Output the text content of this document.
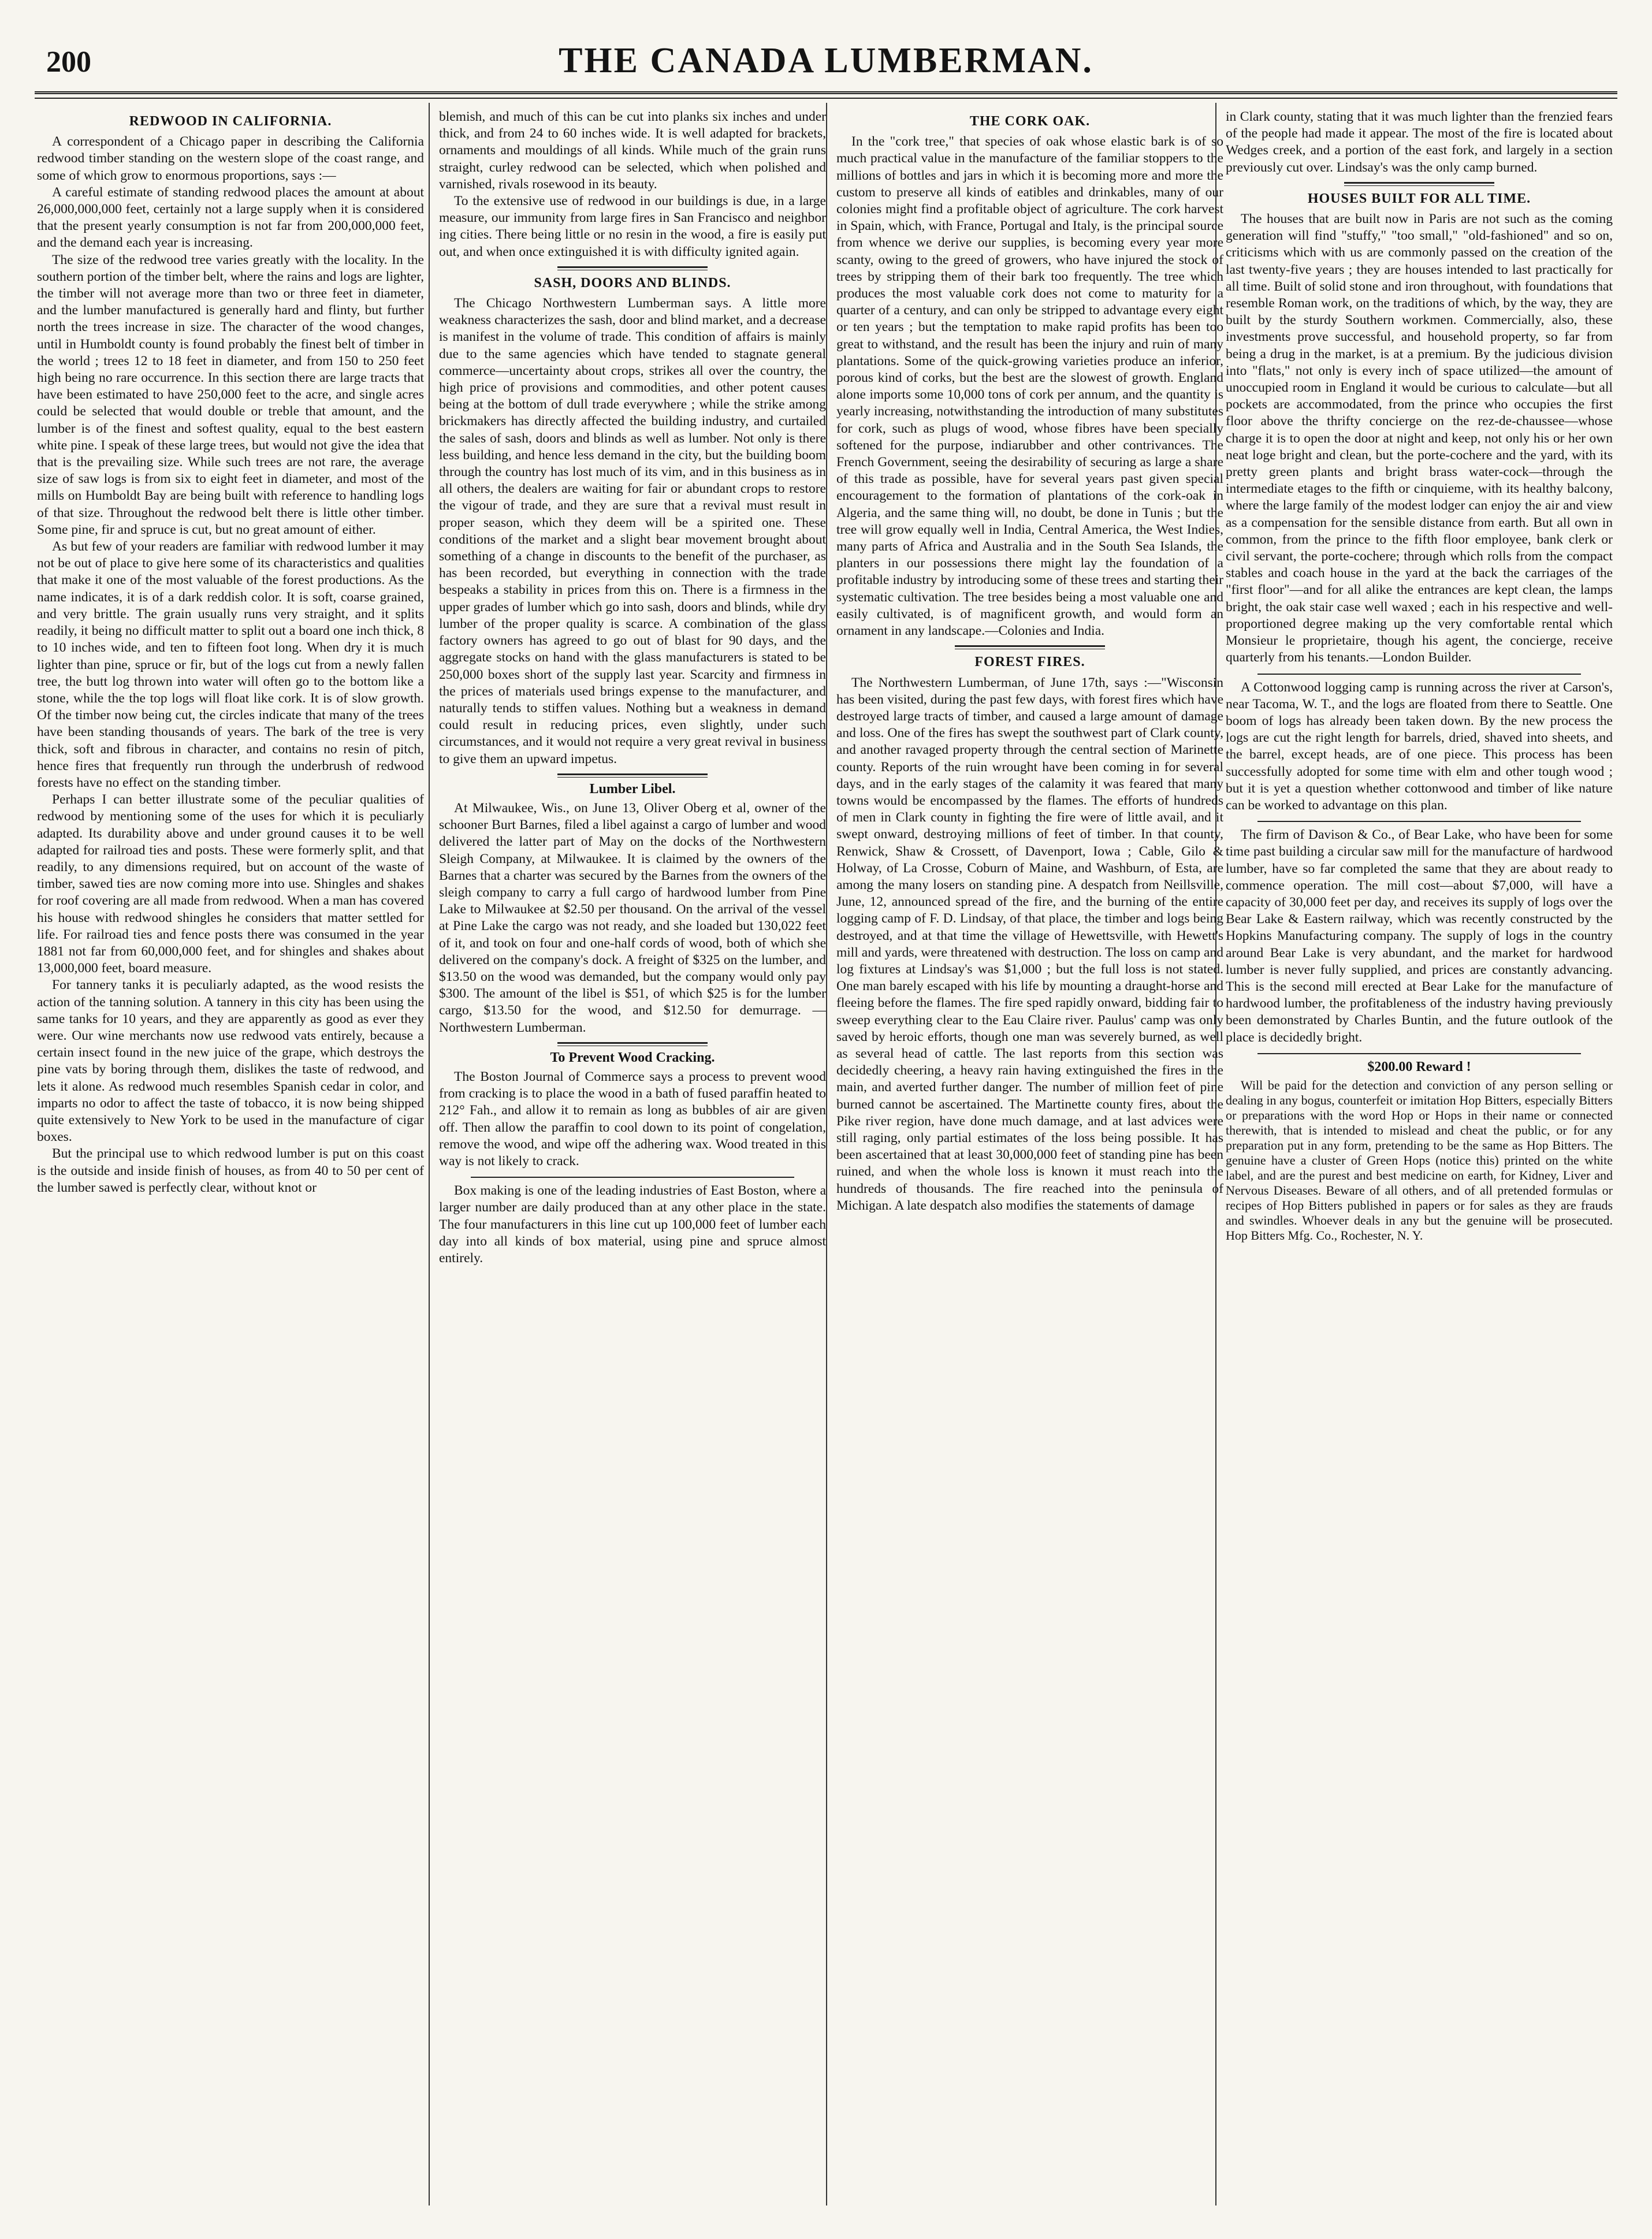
200	THE CANADA LUMBERMAN.
REDWOOD IN CALIFORNIA.

A correspondent of a Chicago paper in describing the California redwood timber standing on the western slope of the coast range, and some of which grow to enormous proportions, says :—

A careful estimate of standing redwood places the amount at about 26,000,000,000 feet, certainly not a large supply when it is considered that the present yearly consumption is not far from 200,000,000 feet, and the demand each year is increasing.

The size of the redwood tree varies greatly with the locality. In the southern portion of the timber belt, where the rains and logs are lighter, the timber will not average more than two or three feet in diameter, and the lumber manufactured is generally hard and flinty, but further north the trees increase in size. The character of the wood changes, until in Humboldt county is found probably the finest belt of timber in the world ; trees 12 to 18 feet in diameter, and from 150 to 250 feet high being no rare occurrence. In this section there are large tracts that have been estimated to have 250,000 feet to the acre, and single acres could be selected that would double or treble that amount, and the lumber is of the finest and softest quality, equal to the best eastern white pine. I speak of these large trees, but would not give the idea that that is the prevailing size. While such trees are not rare, the average size of saw logs is from six to eight feet in diameter, and most of the mills on Humboldt Bay are being built with reference to handling logs of that size. Throughout the redwood belt there is little other timber. Some pine, fir and spruce is cut, but no great amount of either.

As but few of your readers are familiar with redwood lumber it may not be out of place to give here some of its characteristics and qualities that make it one of the most valuable of the forest productions. As the name indicates, it is of a dark reddish color. It is soft, coarse grained, and very brittle. The grain usually runs very straight, and it splits readily, it being no difficult matter to split out a board one inch thick, 8 to 10 inches wide, and ten to fifteen foot long. When dry it is much lighter than pine, spruce or fir, but of the logs cut from a newly fallen tree, the butt log thrown into water will often go to the bottom like a stone, while the the top logs will float like cork. It is of slow growth. Of the timber now being cut, the circles indicate that many of the trees have been standing thousands of years. The bark of the tree is very thick, soft and fibrous in character, and contains no resin of pitch, hence fires that frequently run through the underbrush of redwood forests have no effect on the standing timber.

Perhaps I can better illustrate some of the peculiar qualities of redwood by mentioning some of the uses for which it is peculiarly adapted. Its durability above and under ground causes it to be well adapted for railroad ties and posts. These were formerly split, and that readily, to any dimensions required, but on account of the waste of timber, sawed ties are now coming more into use. Shingles and shakes for roof covering are all made from redwood. When a man has covered his house with redwood shingles he considers that matter settled for life. For railroad ties and fence posts there was consumed in the year 1881 not far from 60,000,000 feet, and for shingles and shakes about 13,000,000 feet, board measure.

For tannery tanks it is peculiarly adapted, as the wood resists the action of the tanning solution. A tannery in this city has been using the same tanks for 10 years, and they are apparently as good as ever they were. Our wine merchants now use redwood vats entirely, because a certain insect found in the new juice of the grape, which destroys the pine vats by boring through them, dislikes the taste of redwood, and lets it alone. As redwood much resembles Spanish cedar in color, and imparts no odor to affect the taste of tobacco, it is now being shipped quite extensively to New York to be used in the manufacture of cigar boxes.

But the principal use to which redwood lumber is put on this coast is the outside and inside finish of houses, as from 40 to 50 per cent of the lumber sawed is perfectly clear, without knot or

blemish, and much of this can be cut into planks six inches and under thick, and from 24 to 60 inches wide. It is well adapted for brackets, ornaments and mouldings of all kinds. While much of the grain runs straight, curley redwood can be selected, which when polished and varnished, rivals rosewood in its beauty.

To the extensive use of redwood in our buildings is due, in a large measure, our immunity from large fires in San Francisco and neighbor ing cities. There being little or no resin in the wood, a fire is easily put out, and when once extinguished it is with difficulty ignited again.

SASH, DOORS AND BLINDS.

The Chicago Northwestern Lumberman says. A little more weakness characterizes the sash, door and blind market, and a decrease is manifest in the volume of trade. This condition of affairs is mainly due to the same agencies which have tended to stagnate general commerce—uncertainty about crops, strikes all over the country, the high price of provisions and commodities, and other potent causes being at the bottom of dull trade everywhere ; while the strike among brickmakers has directly affected the building industry, and curtailed the sales of sash, doors and blinds as well as lumber. Not only is there less building, and hence less demand in the city, but the building boom through the country has lost much of its vim, and in this business as in all others, the dealers are waiting for fair or abundant crops to restore the vigour of trade, and they are sure that a revival must result in proper season, which they deem will be a spirited one. These conditions of the market and a slight bear movement brought about something of a change in discounts to the benefit of the purchaser, as has been recorded, but everything in connection with the trade bespeaks a stability in prices from this on. There is a firmness in the upper grades of lumber which go into sash, doors and blinds, while dry lumber of the proper quality is scarce. A combination of the glass factory owners has agreed to go out of blast for 90 days, and the aggregate stocks on hand with the glass manufacturers is stated to be 250,000 boxes short of the supply last year. Scarcity and firmness in the prices of materials used brings expense to the manufacturer, and naturally tends to stiffen values. Nothing but a weakness in demand could result in reducing prices, even slightly, under such circumstances, and it would not require a very great revival in business to give them an upward impetus.

Lumber Libel.

At Milwaukee, Wis., on June 13, Oliver Oberg et al, owner of the schooner Burt Barnes, filed a libel against a cargo of lumber and wood delivered the latter part of May on the docks of the Northwestern Sleigh Company, at Milwaukee. It is claimed by the owners of the Barnes that a charter was secured by the Barnes from the owners of the sleigh company to carry a full cargo of hardwood lumber from Pine Lake to Milwaukee at $2.50 per thousand. On the arrival of the vessel at Pine Lake the cargo was not ready, and she loaded but 130,022 feet of it, and took on four and one-half cords of wood, both of which she delivered on the company's dock. A freight of $325 on the lumber, and $13.50 on the wood was demanded, but the company would only pay $300. The amount of the libel is $51, of which $25 is for the lumber cargo, $13.50 for the wood, and $12.50 for demurrage. —Northwestern Lumberman.

To Prevent Wood Cracking.

The Boston Journal of Commerce says a process to prevent wood from cracking is to place the wood in a bath of fused paraffin heated to 212° Fah., and allow it to remain as long as bubbles of air are given off. Then allow the paraffin to cool down to its point of congelation, remove the wood, and wipe off the adhering wax. Wood treated in this way is not likely to crack.

Box making is one of the leading industries of East Boston, where a larger number are daily produced than at any other place in the state. The four manufacturers in this line cut up 100,000 feet of lumber each day into all kinds of box material, using pine and spruce almost entirely.

THE CORK OAK.

In the "cork tree," that species of oak whose elastic bark is of so much practical value in the manufacture of the familiar stoppers to the millions of bottles and jars in which it is becoming more and more the custom to preserve all kinds of eatibles and drinkables, many of our colonies might find a profitable object of agriculture. The cork harvest in Spain, which, with France, Portugal and Italy, is the principal source from whence we derive our supplies, is becoming every year more scanty, owing to the greed of growers, who have injured the stock of trees by stripping them of their bark too frequently. The tree which produces the most valuable cork does not come to maturity for a quarter of a century, and can only be stripped to advantage every eight or ten years ; but the temptation to make rapid profits has been too great to withstand, and the result has been the injury and ruin of many plantations. Some of the quick-growing varieties produce an inferior, porous kind of corks, but the best are the slowest of growth. England alone imports some 10,000 tons of cork per annum, and the quantity is yearly increasing, notwithstanding the introduction of many substitutes for cork, such as plugs of wood, whose fibres have been specially softened for the purpose, indiarubber and other contrivances. The French Government, seeing the desirability of securing as large a share of this trade as possible, have for several years past given special encouragement to the formation of plantations of the cork-oak in Algeria, and the same thing will, no doubt, be done in Tunis ; but the tree will grow equally well in India, Central America, the West Indies, many parts of Africa and Australia and in the South Sea Islands, the planters in our possessions there might lay the foundation of a profitable industry by introducing some of these trees and starting their systematic cultivation. The tree besides being a most valuable one and easily cultivated, is of magnificent growth, and would form an ornament in any landscape.—Colonies and India.

FOREST FIRES.

The Northwestern Lumberman, of June 17th, says :—"Wisconsin has been visited, during the past few days, with forest fires which have destroyed large tracts of timber, and caused a large amount of damage and loss. One of the fires has swept the southwest part of Clark county, and another ravaged property through the central section of Marinette county. Reports of the ruin wrought have been coming in for several days, and in the early stages of the calamity it was feared that many towns would be encompassed by the flames. The efforts of hundreds of men in Clark county in fighting the fire were of little avail, and it swept onward, destroying millions of feet of timber. In that county, Renwick, Shaw & Crossett, of Davenport, Iowa ; Cable, Gilo & Holway, of La Crosse, Coburn of Maine, and Washburn, of Esta, are among the many losers on standing pine. A despatch from Neillsville, June, 12, announced spread of the fire, and the burning of the entire logging camp of F. D. Lindsay, of that place, the timber and logs being destroyed, and at that time the village of Hewettsville, with Hewett's mill and yards, were threatened with destruction. The loss on camp and log fixtures at Lindsay's was $1,000 ; but the full loss is not stated. One man barely escaped with his life by mounting a draught-horse and fleeing before the flames. The fire sped rapidly onward, bidding fair to sweep everything clear to the Eau Claire river. Paulus' camp was only saved by heroic efforts, though one man was severely burned, as well as several head of cattle. The last reports from this section was decidedly cheering, a heavy rain having extinguished the fires in the main, and averted further danger. The number of million feet of pine burned cannot be ascertained. The Martinette county fires, about the Pike river region, have done much damage, and at last advices were still raging, only partial estimates of the loss being possible. It has been ascertained that at least 30,000,000 feet of standing pine has been ruined, and when the whole loss is known it must reach into the hundreds of thousands. The fire reached into the peninsula of Michigan. A late despatch also modifies the statements of damage

in Clark county, stating that it was much lighter than the frenzied fears of the people had made it appear. The most of the fire is located about Wedges creek, and a portion of the east fork, and largely in a section previously cut over. Lindsay's was the only camp burned.

HOUSES BUILT FOR ALL TIME.

The houses that are built now in Paris are not such as the coming generation will find "stuffy," "too small," "old-fashioned" and so on, criticisms which with us are commonly passed on the creation of the last twenty-five years ; they are houses intended to last practically for all time. Built of solid stone and iron throughout, with foundations that resemble Roman work, on the traditions of which, by the way, they are built by the sturdy Southern workmen. Commercially, also, these investments prove successful, and household property, so far from being a drug in the market, is at a premium. By the judicious division into "flats," not only is every inch of space utilized—the amount of unoccupied room in England it would be curious to calculate—but all pockets are accommodated, from the prince who occupies the first floor above the thrifty concierge on the rez-de-chaussee—whose charge it is to open the door at night and keep, not only his or her own neat loge bright and clean, but the porte-cochere and the yard, with its pretty green plants and bright brass water-cock—through the intermediate etages to the fifth or cinquieme, with its healthy balcony, where the large family of the modest lodger can enjoy the air and view as a compensation for the sensible distance from earth. But all own in common, from the prince to the fifth floor employee, bank clerk or civil servant, the porte-cochere; through which rolls from the compact stables and coach house in the yard at the back the carriages of the "first floor"—and for all alike the entrances are kept clean, the lamps bright, the oak stair case well waxed ; each in his respective and well-proportioned degree making up the very comfortable rental which Monsieur le proprietaire, though his agent, the concierge, receive quarterly from his tenants.—London Builder.

A Cottonwood logging camp is running across the river at Carson's, near Tacoma, W. T., and the logs are floated from there to Seattle. One boom of logs has already been taken down. By the new process the logs are cut the right length for barrels, dried, shaved into sheets, and the barrel, except heads, are of one piece. This process has been successfully adopted for some time with elm and other tough wood ; but it is yet a question whether cottonwood and timber of like nature can be worked to advantage on this plan.

The firm of Davison & Co., of Bear Lake, who have been for some time past building a circular saw mill for the manufacture of hardwood lumber, have so far completed the same that they are about ready to commence operation. The mill cost—about $7,000, will have a capacity of 30,000 feet per day, and receives its supply of logs over the Bear Lake & Eastern railway, which was recently constructed by the Hopkins Manufacturing company. The supply of logs in the country around Bear Lake is very abundant, and the market for hardwood lumber is never fully supplied, and prices are constantly advancing. This is the second mill erected at Bear Lake for the manufacture of hardwood lumber, the profitableness of the industry having previously been demonstrated by Charles Buntin, and the future outlook of the place is decidedly bright.

$200.00 Reward !

Will be paid for the detection and conviction of any person selling or dealing in any bogus, counterfeit or imitation Hop Bitters, especially Bitters or preparations with the word Hop or Hops in their name or connected therewith, that is intended to mislead and cheat the public, or for any preparation put in any form, pretending to be the same as Hop Bitters. The genuine have a cluster of Green Hops (notice this) printed on the white label, and are the purest and best medicine on earth, for Kidney, Liver and Nervous Diseases. Beware of all others, and of all pretended formulas or recipes of Hop Bitters published in papers or for sales as they are frauds and swindles. Whoever deals in any but the genuine will be prosecuted. Hop Bitters Mfg. Co., Rochester, N. Y.
